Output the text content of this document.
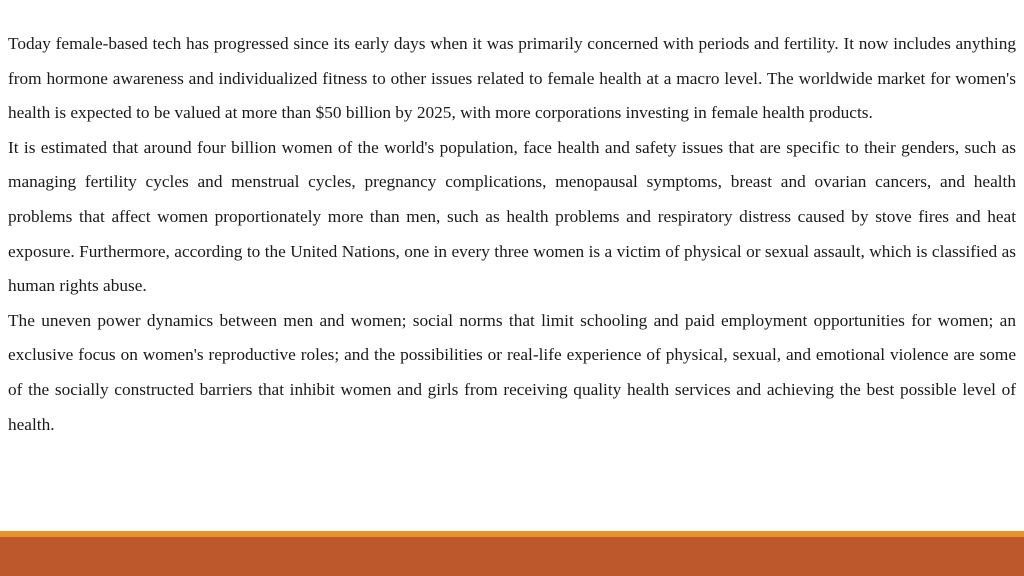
Today female-based tech has progressed since its early days when it was primarily concerned with periods and fertility. It now includes anything from hormone awareness and individualized fitness to other issues related to female health at a macro level. The worldwide market for women's health is expected to be valued at more than $50 billion by 2025, with more corporations investing in female health products.

It is estimated that around four billion women of the world's population, face health and safety issues that are specific to their genders, such as managing fertility cycles and menstrual cycles, pregnancy complications, menopausal symptoms, breast and ovarian cancers, and health problems that affect women proportionately more than men, such as health problems and respiratory distress caused by stove fires and heat exposure. Furthermore, according to the United Nations, one in every three women is a victim of physical or sexual assault, which is classified as human rights abuse.

The uneven power dynamics between men and women; social norms that limit schooling and paid employment opportunities for women; an exclusive focus on women's reproductive roles; and the possibilities or real-life experience of physical, sexual, and emotional violence are some of the socially constructed barriers that inhibit women and girls from receiving quality health services and achieving the best possible level of health.
